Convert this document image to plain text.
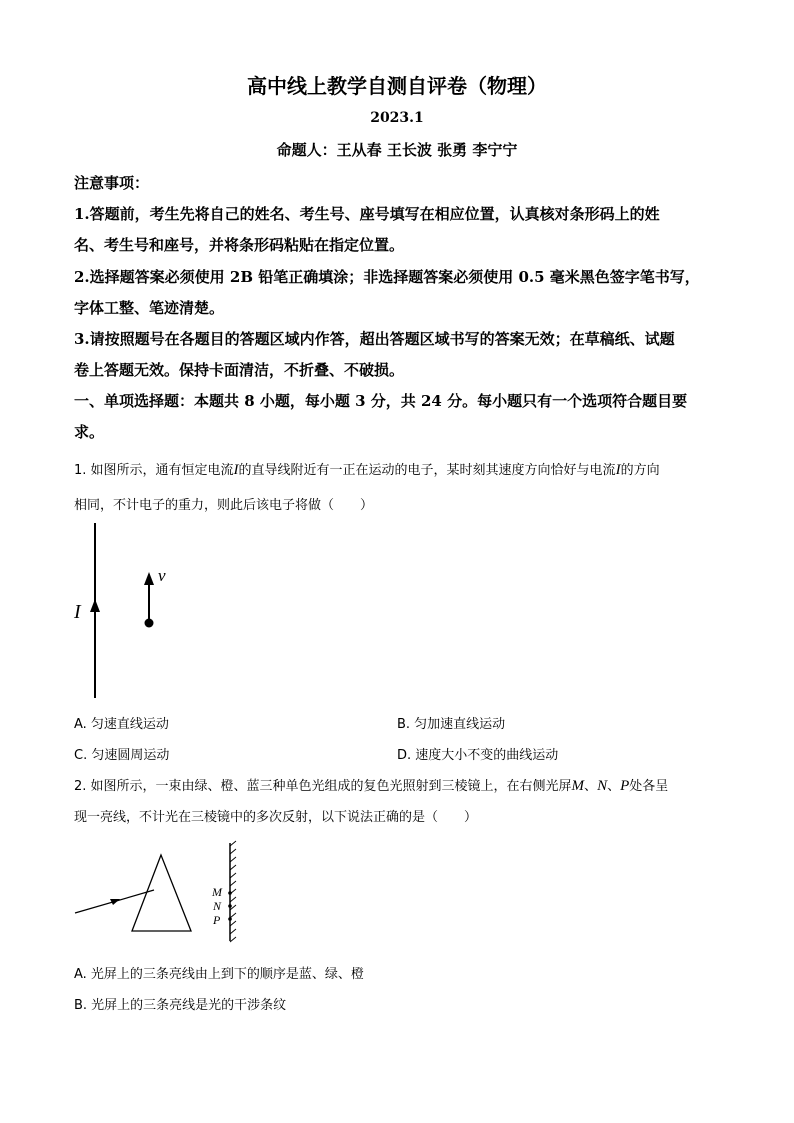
高中线上教学自测自评卷（物理）
2023.1
命题人：王从春 王长波 张勇 李宁宁
注意事项：
1.答题前，考生先将自己的姓名、考生号、座号填写在相应位置，认真核对条形码上的姓
名、考生号和座号，并将条形码粘贴在指定位置。
2.选择题答案必须使用 2B 铅笔正确填涂；非选择题答案必须使用 0.5 毫米黑色签字笔书写，
字体工整、笔迹清楚。
3.请按照题号在各题目的答题区域内作答，超出答题区域书写的答案无效；在草稿纸、试题
卷上答题无效。保持卡面清洁，不折叠、不破损。
一、单项选择题：本题共 8 小题，每小题 3 分，共 24 分。每小题只有一个选项符合题目要
求。
1. 如图所示，通有恒定电流I的直导线附近有一正在运动的电子，某时刻其速度方向恰好与电流I的方向
相同，不计电子的重力，则此后该电子将做（　　）
I
v
A. 匀速直线运动	B. 匀加速直线运动
C. 匀速圆周运动	D. 速度大小不变的曲线运动
2. 如图所示，一束由绿、橙、蓝三种单色光组成的复色光照射到三棱镜上，在右侧光屏M、N、P处各呈
现一亮线，不计光在三棱镜中的多次反射，以下说法正确的是（　　）
M
N
P
A. 光屏上的三条亮线由上到下的顺序是蓝、绿、橙
B. 光屏上的三条亮线是光的干涉条纹
